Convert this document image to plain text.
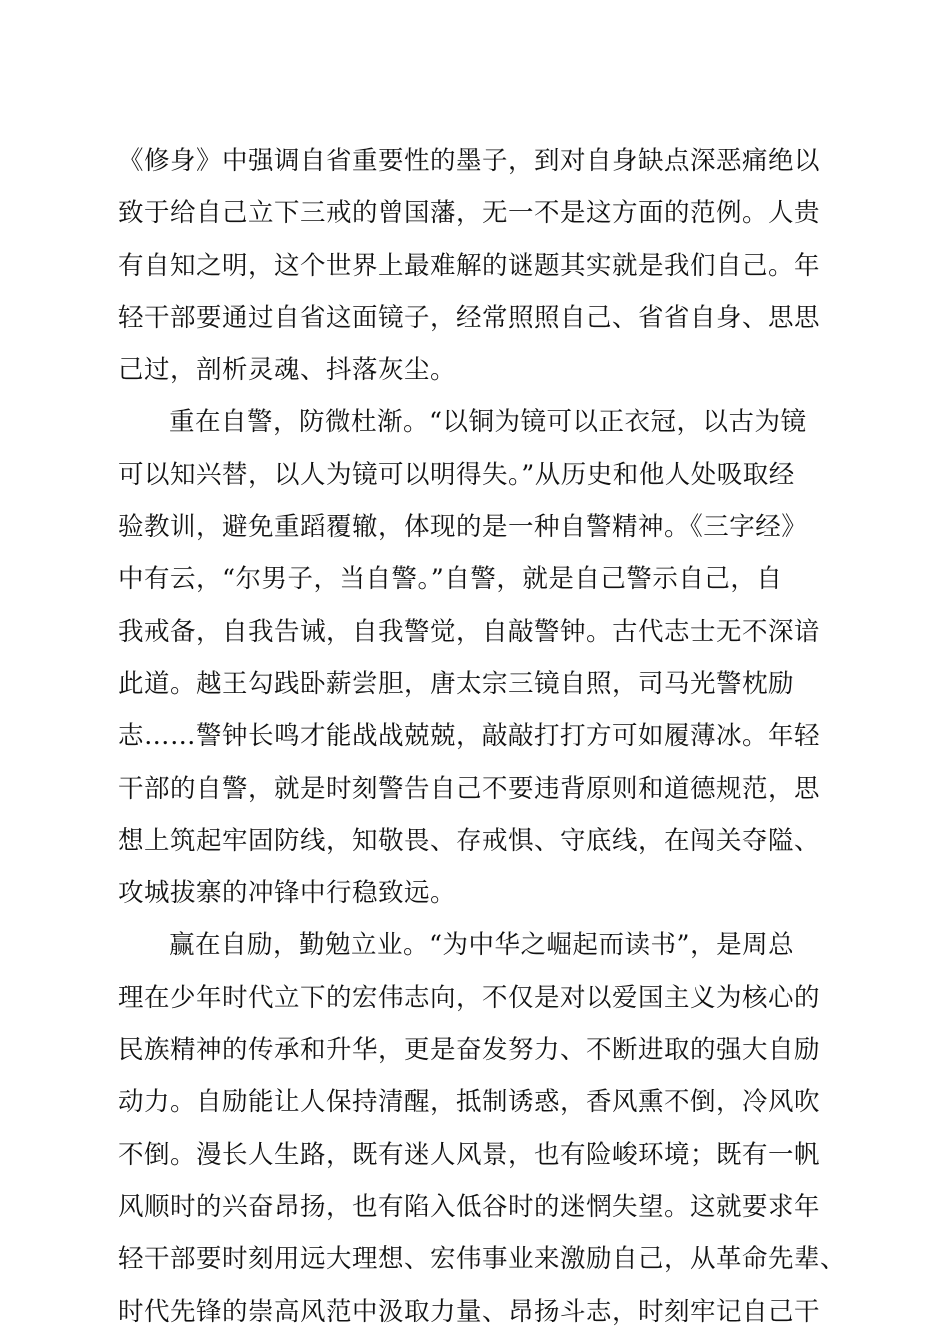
《修身》中强调自省重要性的墨子，到对自身缺点深恶痛绝以
致于给自己立下三戒的曾国藩，无一不是这方面的范例。人贵
有自知之明，这个世界上最难解的谜题其实就是我们自己。年
轻干部要通过自省这面镜子，经常照照自己、省省自身、思思
己过，剖析灵魂、抖落灰尘。
重在自警，防微杜渐。“以铜为镜可以正衣冠，以古为镜
可以知兴替，以人为镜可以明得失。”从历史和他人处吸取经
验教训，避免重蹈覆辙，体现的是一种自警精神。《三字经》
中有云，“尔男子，当自警。”自警，就是自己警示自己，自
我戒备，自我告诫，自我警觉，自敲警钟。古代志士无不深谙
此道。越王勾践卧薪尝胆，唐太宗三镜自照，司马光警枕励
志……警钟长鸣才能战战兢兢，敲敲打打方可如履薄冰。年轻
干部的自警，就是时刻警告自己不要违背原则和道德规范，思
想上筑起牢固防线，知敬畏、存戒惧、守底线，在闯关夺隘、
攻城拔寨的冲锋中行稳致远。
赢在自励，勤勉立业。“为中华之崛起而读书”，是周总
理在少年时代立下的宏伟志向，不仅是对以爱国主义为核心的
民族精神的传承和升华，更是奋发努力、不断进取的强大自励
动力。自励能让人保持清醒，抵制诱惑，香风熏不倒，冷风吹
不倒。漫长人生路，既有迷人风景，也有险峻环境；既有一帆
风顺时的兴奋昂扬，也有陷入低谷时的迷惘失望。这就要求年
轻干部要时刻用远大理想、宏伟事业来激励自己，从革命先辈、
时代先锋的崇高风范中汲取力量、昂扬斗志，时刻牢记自己干
